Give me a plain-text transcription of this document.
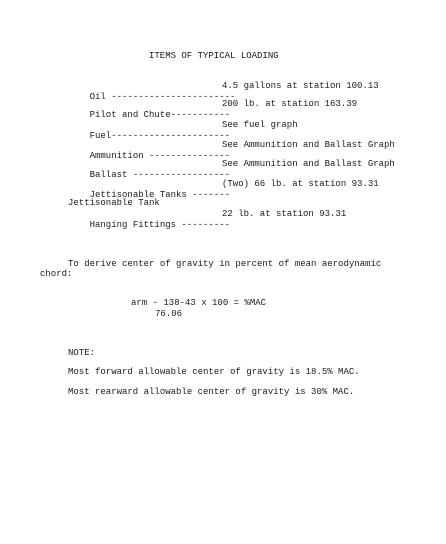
ITEMS OF TYPICAL LOADING

Oil -----------------------

4.5 gallons at station 100.13

Pilot and Chute-----------

200 lb. at station 163.39

Fuel----------------------

See fuel graph

Ammunition ---------------

See Ammunition and Ballast Graph

Ballast ------------------

See Ammunition and Ballast Graph

Jettisonable Tanks -------

(Two) 66 lb. at station 93.31
Jettisonable Tank

Hanging Fittings ---------

22 lb. at station 93.31
To derive center of gravity in percent of mean aerodynamic
chord:
arm - 138-43 x 100 = %MAC
76.06
NOTE:
Most forward allowable center of gravity is 18.5% MAC.
Most rearward allowable center of gravity is 30% MAC.
